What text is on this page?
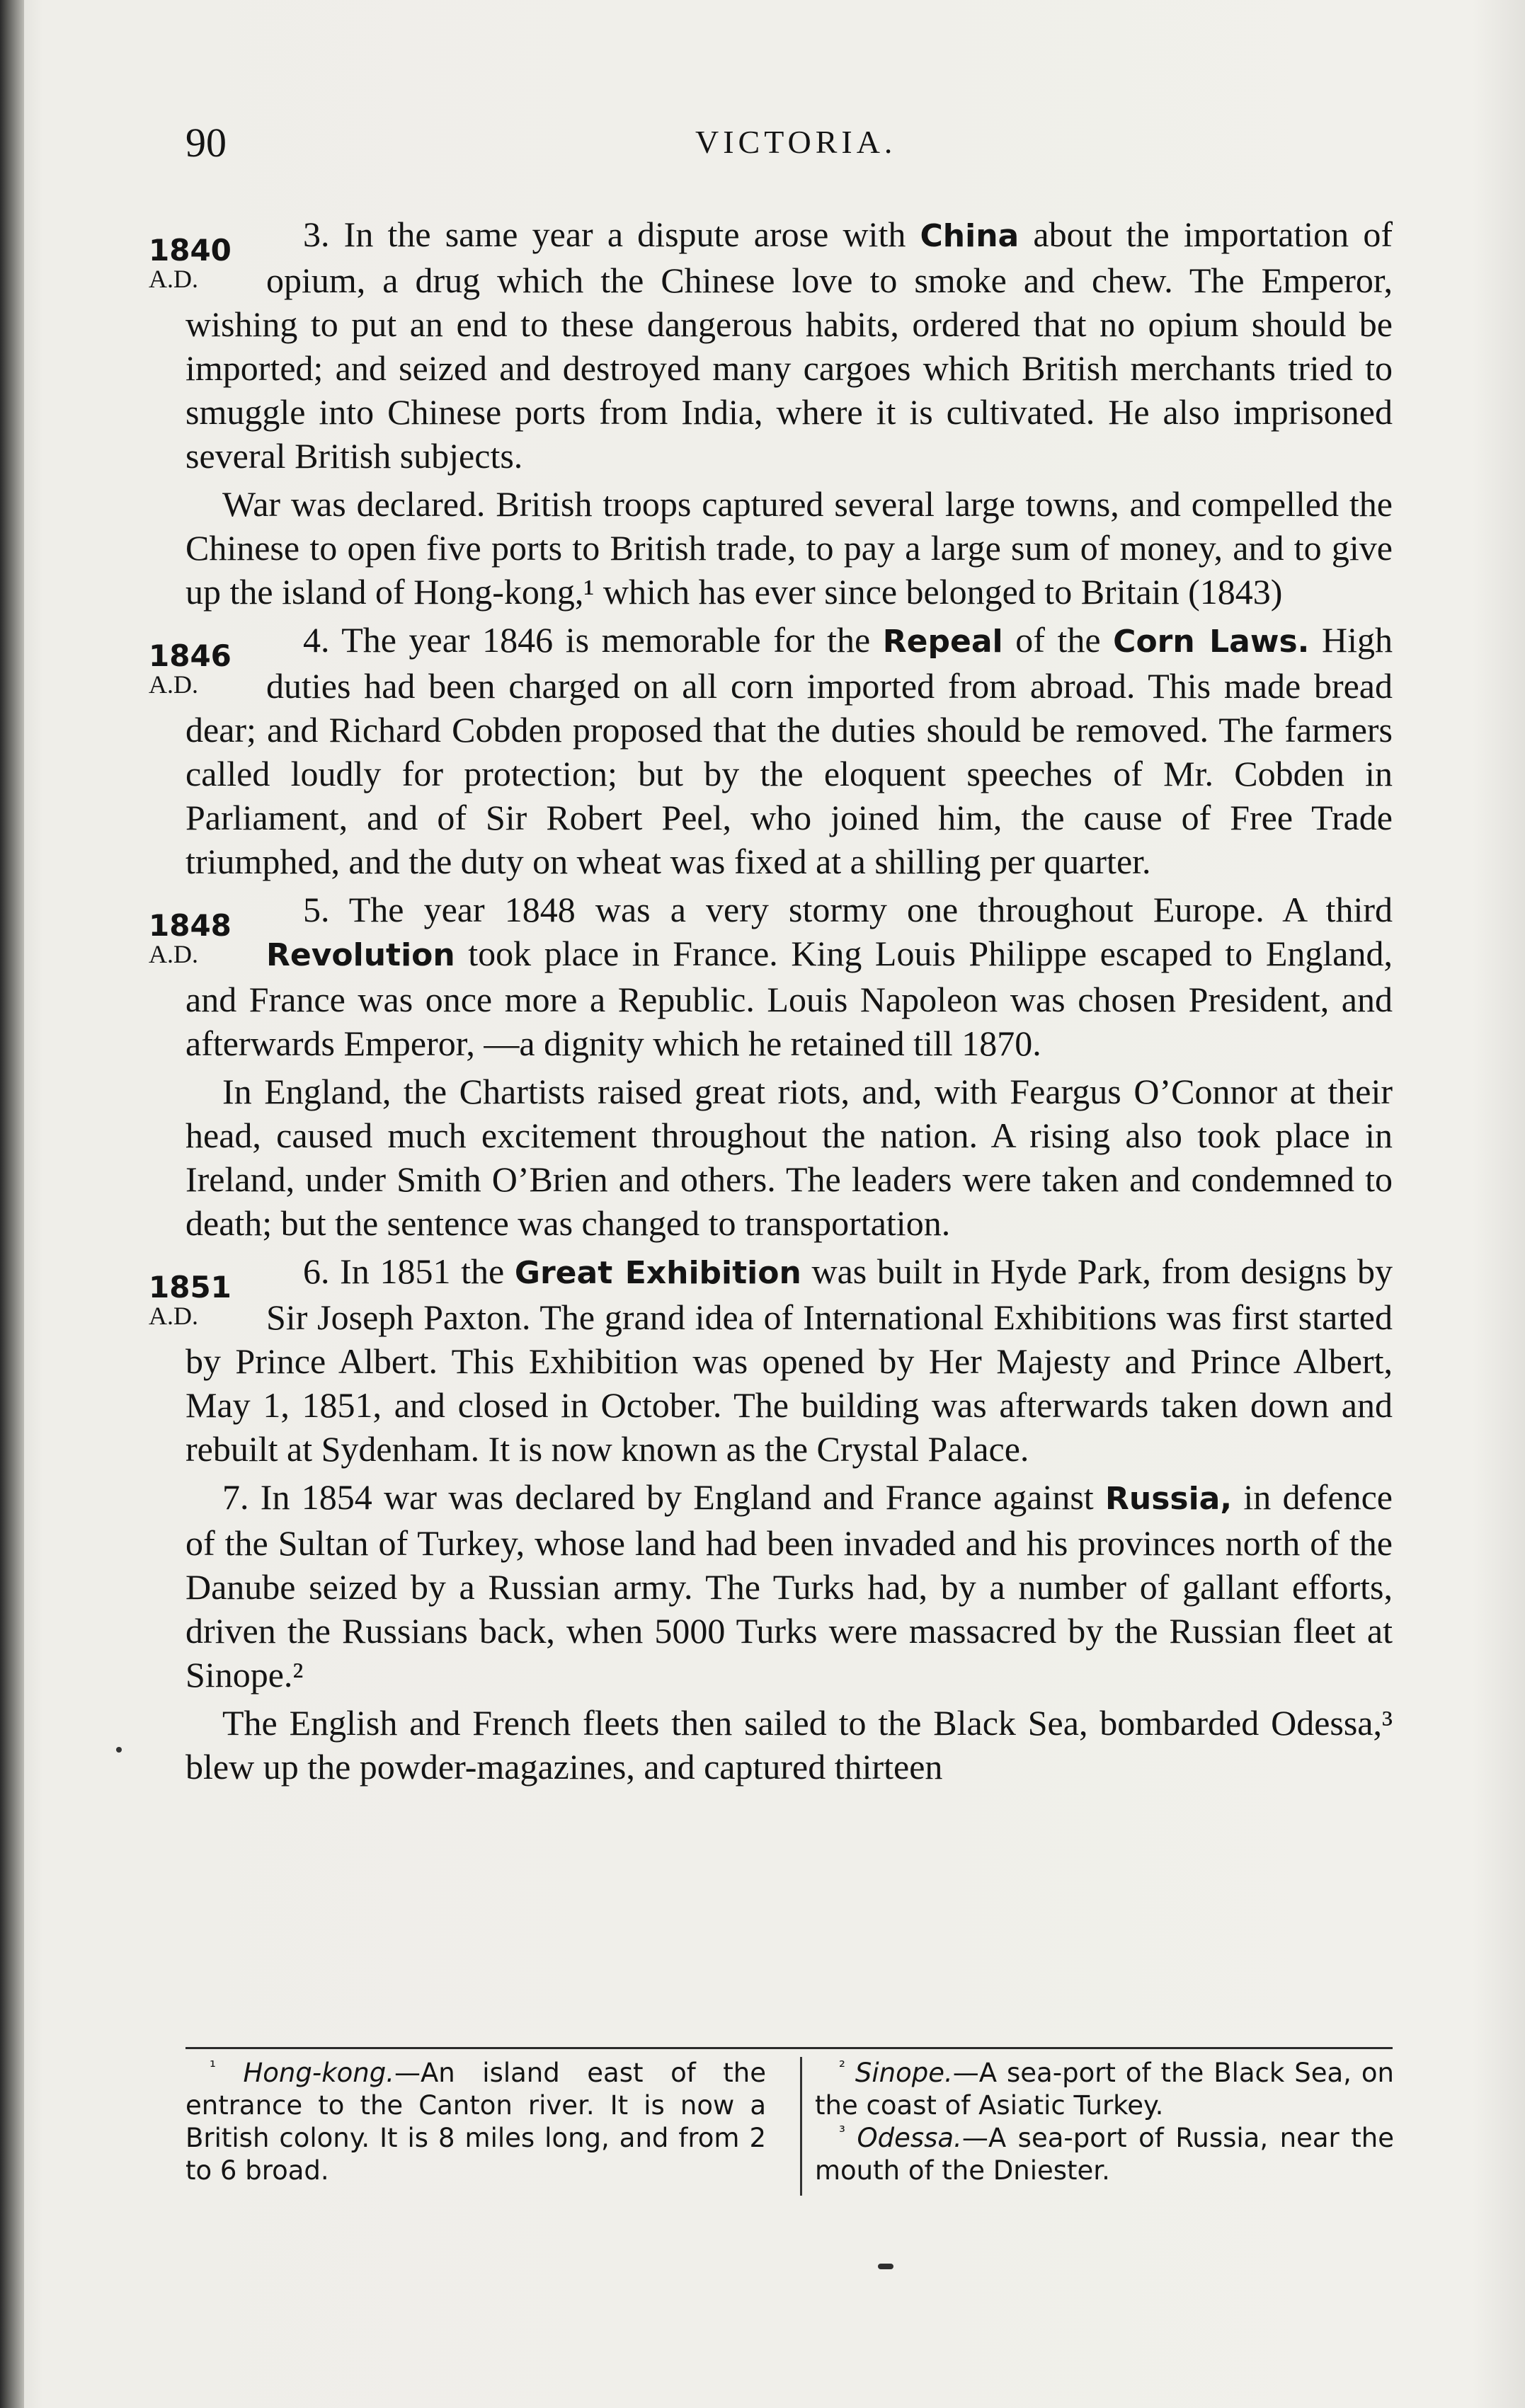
90	VICTORIA.

1840
A.D.
3. In the same year a dispute arose with China about the importation of opium, a drug which the Chinese love to smoke and chew. The Emperor, wishing to put an end to these dangerous habits, ordered that no opium should be imported; and seized and destroyed many cargoes which British merchants tried to smuggle into Chinese ports from India, where it is cultivated. He also imprisoned several British subjects.

War was declared. British troops captured several large towns, and compelled the Chinese to open five ports to British trade, to pay a large sum of money, and to give up the island of Hong-kong,¹ which has ever since belonged to Britain (1843)

1846
A.D.
4. The year 1846 is memorable for the Repeal of the Corn Laws. High duties had been charged on all corn imported from abroad. This made bread dear; and Richard Cobden proposed that the duties should be removed. The farmers called loudly for protection; but by the eloquent speeches of Mr. Cobden in Parliament, and of Sir Robert Peel, who joined him, the cause of Free Trade triumphed, and the duty on wheat was fixed at a shilling per quarter.

1848
A.D.
5. The year 1848 was a very stormy one throughout Europe. A third Revolution took place in France. King Louis Philippe escaped to England, and France was once more a Republic. Louis Napoleon was chosen President, and afterwards Emperor, —a dignity which he retained till 1870.

In England, the Chartists raised great riots, and, with Feargus O’Connor at their head, caused much excitement throughout the nation. A rising also took place in Ireland, under Smith O’Brien and others. The leaders were taken and condemned to death; but the sentence was changed to transportation.

1851
A.D.
6. In 1851 the Great Exhibition was built in Hyde Park, from designs by Sir Joseph Paxton. The grand idea of International Exhibitions was first started by Prince Albert. This Exhibition was opened by Her Majesty and Prince Albert, May 1, 1851, and closed in October. The building was afterwards taken down and rebuilt at Sydenham. It is now known as the Crystal Palace.

7. In 1854 war was declared by England and France against Russia, in defence of the Sultan of Turkey, whose land had been invaded and his provinces north of the Danube seized by a Russian army. The Turks had, by a number of gallant efforts, driven the Russians back, when 5000 Turks were massacred by the Russian fleet at Sinope.²

The English and French fleets then sailed to the Black Sea, bombarded Odessa,³ blew up the powder-magazines, and captured thirteen

$^{^1}$ Hong-kong.—An island east of the entrance to the Canton river. It is now a British colony. It is 8 miles long, and from 2 to 6 broad.

$^{^2}$ Sinope.—A sea-port of the Black Sea, on the coast of Asiatic Turkey.

$^{^3}$ Odessa.—A sea-port of Russia, near the mouth of the Dniester.
